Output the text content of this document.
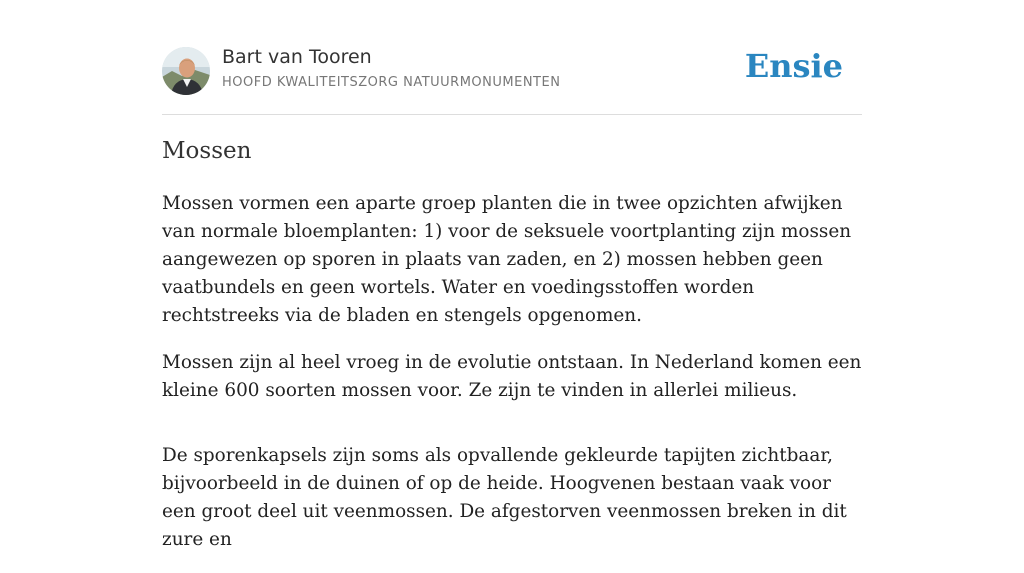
Bart van Tooren
HOOFD KWALITEITSZORG NATUURMONUMENTEN	Ensie
Mossen

Mossen vormen een aparte groep planten die in twee opzichten afwijken van normale bloemplanten: 1) voor de seksuele voortplanting zijn mossen aangewezen op sporen in plaats van zaden, en 2) mossen hebben geen vaatbundels en geen wortels. Water en voedingsstoffen worden rechtstreeks via de bladen en stengels opgenomen.

Mossen zijn al heel vroeg in de evolutie ontstaan. In Nederland komen een kleine 600 soorten mossen voor. Ze zijn te vinden in allerlei milieus.

De sporenkapsels zijn soms als opvallende gekleurde tapijten zichtbaar, bijvoorbeeld in de duinen of op de heide. Hoogvenen bestaan vaak voor een groot deel uit veenmossen. De afgestorven veenmossen breken in dit zure en
